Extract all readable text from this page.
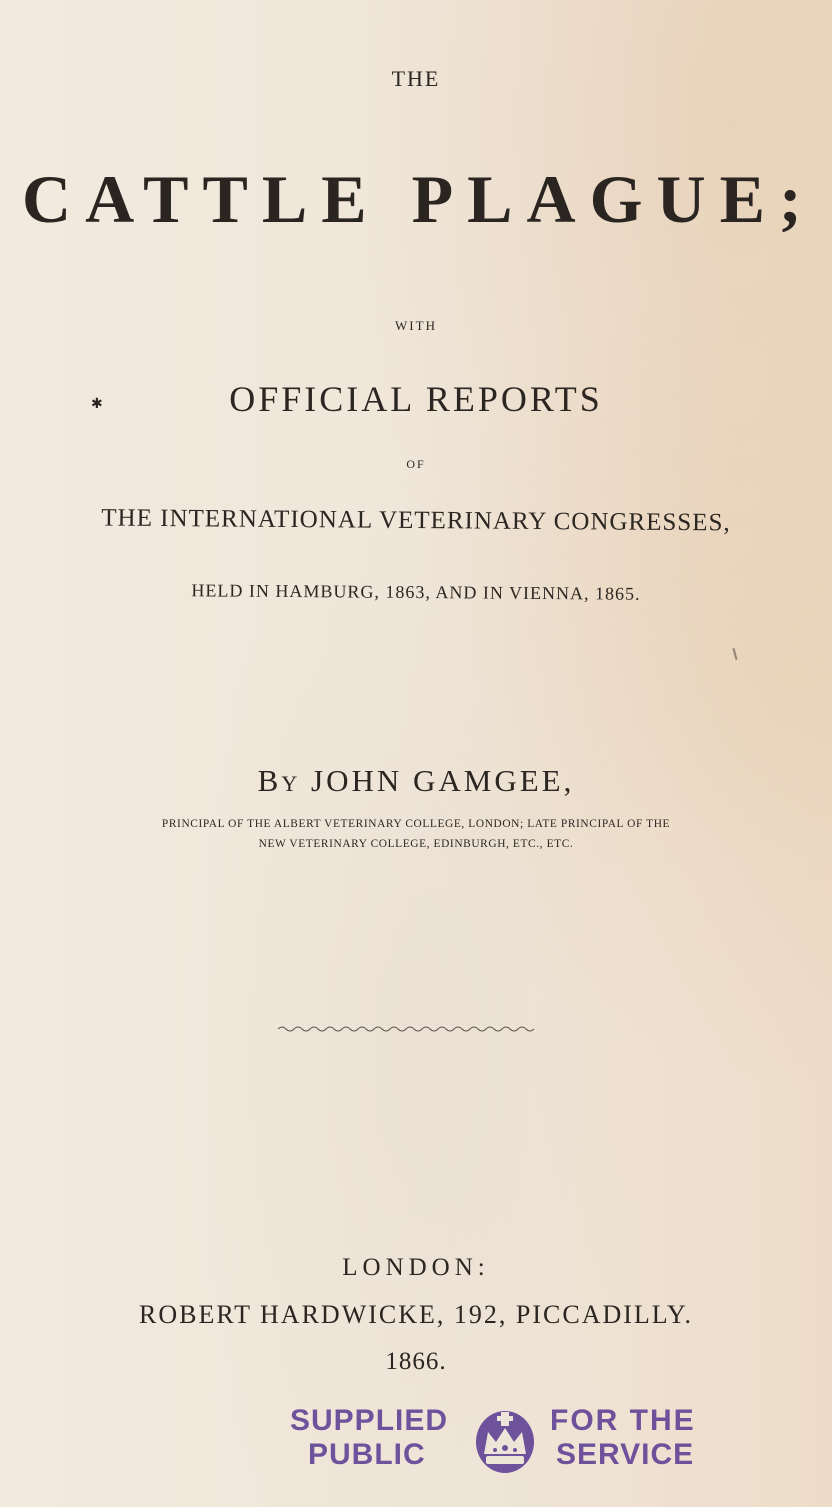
THE
CATTLE PLAGUE;
WITH
✱	OFFICIAL REPORTS
OF
THE INTERNATIONAL VETERINARY CONGRESSES,
HELD IN HAMBURG, 1863, AND IN VIENNA, 1865.
BY JOHN GAMGEE,
PRINCIPAL OF THE ALBERT VETERINARY COLLEGE, LONDON; LATE PRINCIPAL OF THE
NEW VETERINARY COLLEGE, EDINBURGH, ETC., ETC.
LONDON:
ROBERT HARDWICKE, 192, PICCADILLY.
1866.
SUPPLIED
PUBLIC
FOR THE
SERVICE
